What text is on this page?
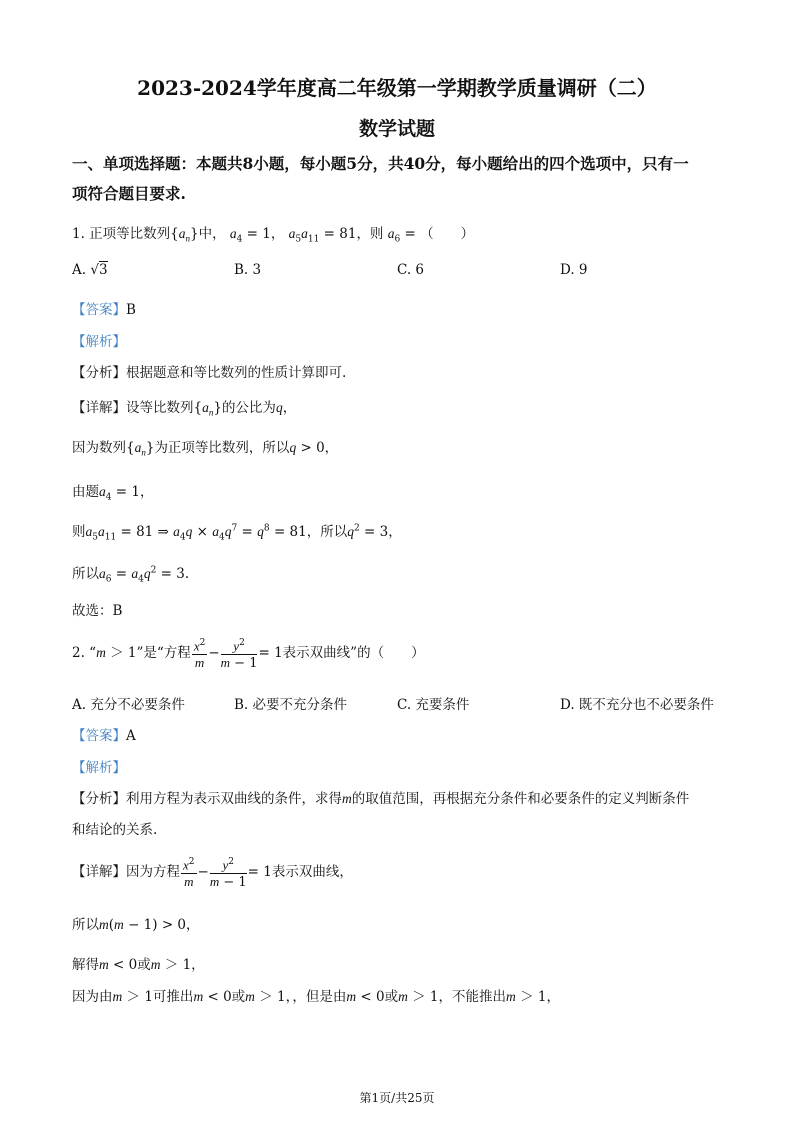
2023-2024学年度高二年级第一学期教学质量调研（二）
数学试题
一、单项选择题：本题共8小题，每小题5分，共40分，每小题给出的四个选项中，只有一
项符合题目要求.
1. 正项等比数列$\{a_n\}$中， $a_4 = 1$， $a_5a_{11} = 81$，则 $a_6$ = （　　）
A. √3	B. 3	C. 6	D. 9
【答案】B
【解析】
【分析】根据题意和等比数列的性质计算即可.
【详解】设等比数列$\{a_n\}$的公比为q，
因为数列$\{a_n\}$为正项等比数列，所以q > 0，
由题$a_4 = 1$，
则$a_5a_{11} = 81$ ⇒ $a_4q \times a_4q^7 = q^8 = 81$，所以$q^2 = 3$，
所以$a_6 = a_4q^2 = 3$.
故选：B
2. “m ＞ 1”是“方程 $\frac{x^2}{m} - \frac{y^2}{m - 1} = 1$表示双曲线”的（　　）
A. 充分不必要条件	B. 必要不充分条件	C. 充要条件	D. 既不充分也不必要条件
【答案】A
【解析】
【分析】利用方程为表示双曲线的条件，求得m的取值范围，再根据充分条件和必要条件的定义判断条件
和结论的关系.
【详解】因为方程 $\frac{x^2}{m} - \frac{y^2}{m - 1} = 1$表示双曲线，
所以m(m − 1) > 0，
解得m < 0或m ＞ 1，
因为由m ＞ 1可推出m < 0或m ＞ 1，，但是由m < 0或m ＞ 1，不能推出m ＞ 1，
第1页/共25页
